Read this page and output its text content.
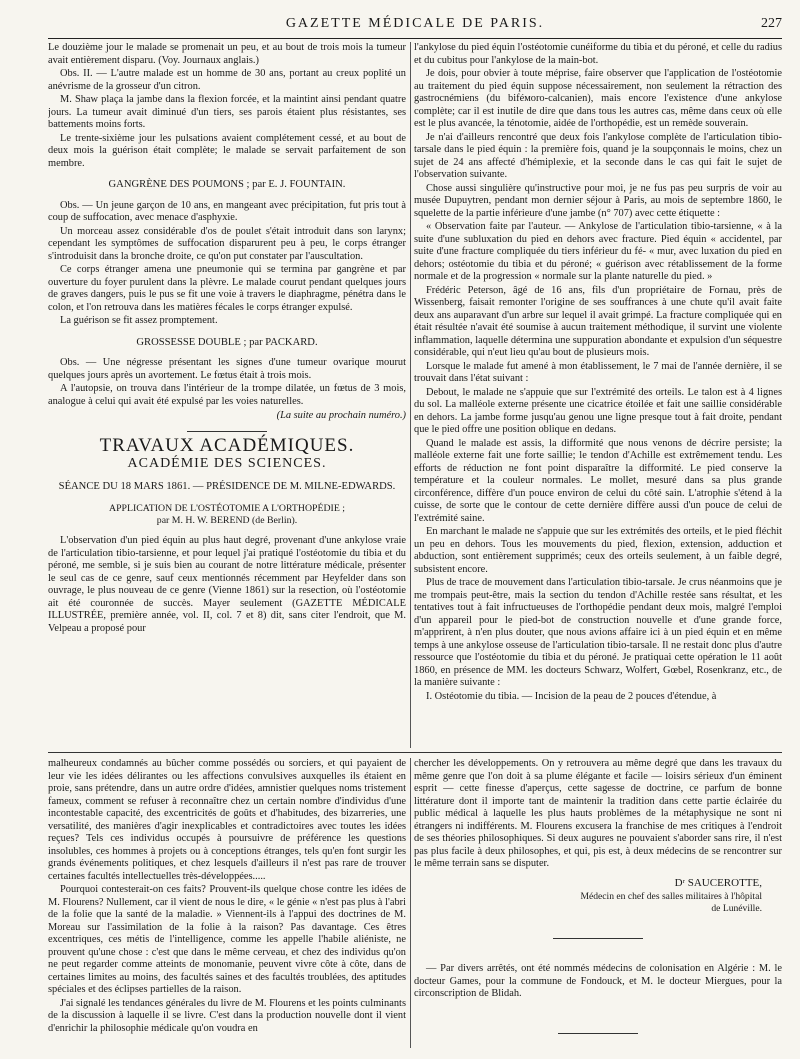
GAZETTE MÉDICALE DE PARIS.	227

Le douzième jour le malade se promenait un peu, et au bout de trois mois la tumeur avait entièrement disparu. (Voy. Journaux anglais.)

Obs. II. — L'autre malade est un homme de 30 ans, portant au creux poplité un anévrisme de la grosseur d'un citron.

M. Shaw plaça la jambe dans la flexion forcée, et la maintint ainsi pendant quatre jours. La tumeur avait diminué d'un tiers, ses parois étaient plus résistantes, ses battements moins forts.

Le trente-sixième jour les pulsations avaient complétement cessé, et au bout de deux mois la guérison était complète; le malade se servait parfaitement de son membre.

GANGRÈNE DES POUMONS ; par E. J. FOUNTAIN.

Obs. — Un jeune garçon de 10 ans, en mangeant avec précipitation, fut pris tout à coup de suffocation, avec menace d'asphyxie.

Un morceau assez considérable d'os de poulet s'était introduit dans son larynx; cependant les symptômes de suffocation disparurent peu à peu, le corps étranger s'introduisit dans la bronche droite, ce qu'on put constater par l'auscultation.

Ce corps étranger amena une pneumonie qui se termina par gangrène et par ouverture du foyer purulent dans la plèvre. Le malade courut pendant quelques jours de graves dangers, puis le pus se fit une voie à travers le diaphragme, pénétra dans le colon, et l'on retrouva dans les matières fécales le corps étranger expulsé.

La guérison se fit assez promptement.

GROSSESSE DOUBLE ; par PACKARD.

Obs. — Une négresse présentant les signes d'une tumeur ovarique mourut quelques jours après un avortement. Le fœtus était à trois mois.

A l'autopsie, on trouva dans l'intérieur de la trompe dilatée, un fœtus de 3 mois, analogue à celui qui avait été expulsé par les voies naturelles.

(La suite au prochain numéro.)
TRAVAUX ACADÉMIQUES.
ACADÉMIE DES SCIENCES.
SÉANCE DU 18 MARS 1861. — PRÉSIDENCE DE M. MILNE-EDWARDS.
APPLICATION DE L'OSTÉOTOMIE A L'ORTHOPÉDIE ;
par M. H. W. BEREND (de Berlin).

L'observation d'un pied équin au plus haut degré, provenant d'une ankylose vraie de l'articulation tibio-tarsienne, et pour lequel j'ai pratiqué l'ostéotomie du tibia et du péroné, me semble, si je suis bien au courant de notre littérature médicale, présenter le seul cas de ce genre, sauf ceux mentionnés récemment par Heyfelder dans son ouvrage, le plus nouveau de ce genre (Vienne 1861) sur la resection, où l'ostéotomie ait été couronnée de succès. Mayer seulement (GAZETTE MÉDICALE ILLUSTRÉE, première année, vol. II, col. 7 et 8) dit, sans citer l'endroit, que M. Velpeau a proposé pour

l'ankylose du pied équin l'ostéotomie cunéiforme du tibia et du péroné, et celle du radius et du cubitus pour l'ankylose de la main-bot.

Je dois, pour obvier à toute méprise, faire observer que l'application de l'ostéotomie au traitement du pied équin suppose nécessairement, non seulement la rétraction des gastrocnémiens (du biféмoro-calcanien), mais encore l'existence d'une ankylose complète; car il est inutile de dire que dans tous les autres cas, même dans ceux où elle est le plus avancée, la ténotomie, aidée de l'orthopédie, est un remède souverain.

Je n'ai d'ailleurs rencontré que deux fois l'ankylose complète de l'articulation tibio-tarsale dans le pied équin : la première fois, quand je la soupçonnais le moins, chez un sujet de 24 ans affecté d'hémiplexie, et la seconde dans le cas qui fait le sujet de l'observation suivante.

Chose aussi singulière qu'instructive pour moi, je ne fus pas peu surpris de voir au musée Dupuytren, pendant mon dernier séjour à Paris, au mois de septembre 1860, le squelette de la partie inférieure d'une jambe (n° 707) avec cette étiquette :

« Observation faite par l'auteur. — Ankylose de l'articulation tibio-tarsienne, « à la suite d'une subluxation du pied en dehors avec fracture. Pied équin « accidentel, par suite d'une fracture compliquée du tiers inférieur du fé- « mur, avec luxation du pied en dehors; ostéotomie du tibia et du péroné; « guérison avec rétablissement de la forme normale et de la progression « normale sur la plante naturelle du pied. »

Frédéric Peterson, âgé de 16 ans, fils d'un propriétaire de Fornau, près de Wissenberg, faisait remonter l'origine de ses souffrances à une chute qu'il avait faite deux ans auparavant d'un arbre sur lequel il avait grimpé. La fracture compliquée qui en était résultée n'avait été soumise à aucun traitement méthodique, il survint une violente inflammation, laquelle détermina une suppuration abondante et expulsion d'un séquestre considérable, qui n'eut lieu qu'au bout de plusieurs mois.

Lorsque le malade fut amené à mon établissement, le 7 mai de l'année dernière, il se trouvait dans l'état suivant :

Debout, le malade ne s'appuie que sur l'extrémité des orteils. Le talon est à 4 lignes du sol. La malléole externe présente une cicatrice étoilée et fait une saillie considérable en dehors. La jambe forme jusqu'au genou une ligne presque tout à fait droite, pendant que le pied offre une position oblique en dedans.

Quand le malade est assis, la difformité que nous venons de décrire persiste; la malléole externe fait une forte saillie; le tendon d'Achille est extrêmement tendu. Les efforts de réduction ne font point disparaître la difformité. Le pied conserve la température et la couleur normales. Le mollet, mesuré dans sa plus grande circonférence, diffère d'un pouce environ de celui du côté sain. L'atrophie s'étend à la cuisse, de sorte que le contour de cette dernière diffère aussi d'un pouce de celui de l'extrémité saine.

En marchant le malade ne s'appuie que sur les extrémités des orteils, et le pied fléchit un peu en dehors. Tous les mouvements du pied, flexion, extension, adduction et abduction, sont entièrement supprimés; ceux des orteils seulement, à un faible degré, subsistent encore.

Plus de trace de mouvement dans l'articulation tibio-tarsale. Je crus néanmoins que je me trompais peut-être, mais la section du tendon d'Achille restée sans résultat, et les tentatives tout à fait infructueuses de l'orthopédie pendant deux mois, malgré l'emploi d'un appareil pour le pied-bot de construction nouvelle et d'une grande force, m'apprirent, à n'en plus douter, que nous avions affaire ici à un pied équin et en même temps à une ankylose osseuse de l'articulation tibio-tarsale. Il ne restait donc plus d'autre ressource que l'ostéotomie du tibia et du péroné. Je pratiquai cette opération le 11 août 1860, en présence de MM. les docteurs Schwarz, Wolfert, Gœbel, Rosenkranz, etc., de la manière suivante :

I. Ostéotomie du tibia. — Incision de la peau de 2 pouces d'étendue, à

malheureux condamnés au bûcher comme possédés ou sorciers, et qui payaient de leur vie les idées délirantes ou les affections convulsives auxquelles ils étaient en proie, sans prétendre, dans un autre ordre d'idées, amnistier quelques noms tristement fameux, comment se refuser à reconnaître chez un certain nombre d'individus d'une incontestable capacité, des excentricités de goûts et d'habitudes, des bizarreries, une versatilité, des manières d'agir inexplicables et contradictoires avec toutes les idées reçues? Tels ces individus occupés à poursuivre de préférence les questions insolubles, ces hommes à projets ou à conceptions étranges, tels qu'en font surgir les grands événements politiques, et chez lesquels d'ailleurs il n'est pas rare de trouver certaines facultés intellectuelles très-développées.....

Pourquoi contesterait-on ces faits? Prouvent-ils quelque chose contre les idées de M. Flourens? Nullement, car il vient de nous le dire, « le génie « n'est pas plus à l'abri de la folie que la santé de la maladie. » Viennent-ils à l'appui des doctrines de M. Moreau sur l'assimilation de la folie à la raison? Pas davantage. Ces êtres excentriques, ces métis de l'intelligence, comme les appelle l'habile aliéniste, ne prouvent qu'une chose : c'est que dans le même cerveau, et chez des individus qu'on ne peut regarder comme atteints de monomanie, peuvent vivre côte à côte, dans de certaines limites au moins, des facultés saines et des facultés troublées, des aptitudes spéciales et des éclipses partielles de la raison.

J'ai signalé les tendances générales du livre de M. Flourens et les points culminants de la discussion à laquelle il se livre. C'est dans la production nouvelle dont il vient d'enrichir la philosophie médicale qu'on voudra en

chercher les développements. On y retrouvera au même degré que dans les travaux du même genre que l'on doit à sa plume élégante et facile — loisirs sérieux d'un éminent esprit — cette finesse d'aperçus, cette sagesse de doctrine, ce parfum de bonne littérature dont il importe tant de maintenir la tradition dans cette partie éclairée du public médical à laquelle les plus hauts problèmes de la métaphysique ne sont ni étrangers ni indifférents. M. Flourens excusera la franchise de mes critiques à l'endroit de ses théories philosophiques. Si deux augures ne pouvaient s'aborder sans rire, il n'est pas plus facile à deux philosophes, et qui, pis est, à deux médecins de se rencontrer sur le même terrain sans se disputer.

Dʳ SAUCEROTTE,
Médecin en chef des salles militaires à l'hôpital
de Lunéville.

— Par divers arrêtés, ont été nommés médecins de colonisation en Algérie : M. le docteur Games, pour la commune de Fondouck, et M. le docteur Miergues, pour la circonscription de Blidah.
